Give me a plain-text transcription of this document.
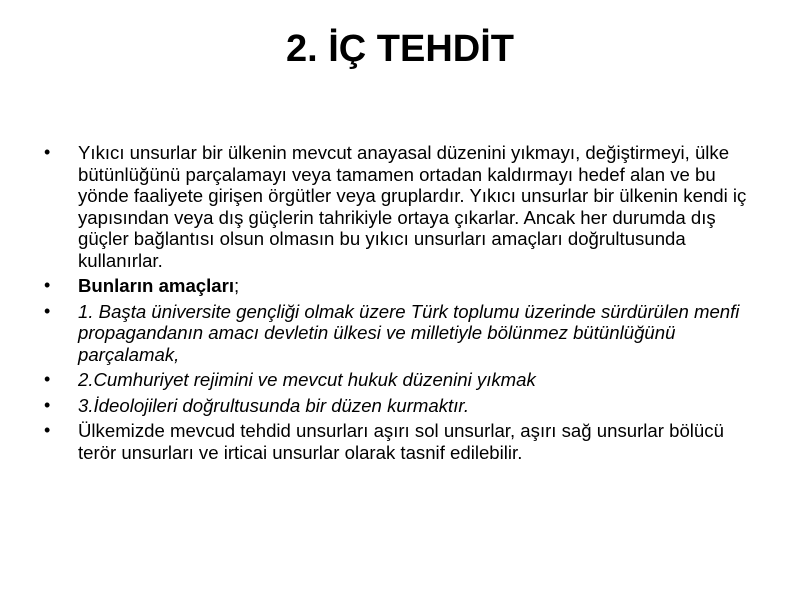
2. İÇ TEHDİT
• Yıkıcı unsurlar bir ülkenin mevcut anayasal düzenini yıkmayı, değiştirmeyi, ülke bütünlüğünü parçalamayı veya tamamen ortadan kaldırmayı hedef alan ve bu yönde faaliyete girişen örgütler veya gruplardır. Yıkıcı unsurlar bir ülkenin kendi iç yapısından veya dış güçlerin tahrikiyle ortaya çıkarlar. Ancak her durumda dış güçler bağlantısı olsun olmasın bu yıkıcı unsurları amaçları doğrultusunda kullanırlar.
• Bunların amaçları;
• 1. Başta üniversite gençliği olmak üzere Türk toplumu üzerinde sürdürülen menfi propagandanın amacı devletin ülkesi ve milletiyle bölünmez bütünlüğünü parçalamak,
• 2.Cumhuriyet rejimini ve mevcut hukuk düzenini yıkmak
• 3.İdeolojileri doğrultusunda bir düzen kurmaktır.
• Ülkemizde mevcud tehdid unsurları aşırı sol unsurlar, aşırı sağ unsurlar bölücü terör unsurları ve irticai unsurlar olarak tasnif edilebilir.
